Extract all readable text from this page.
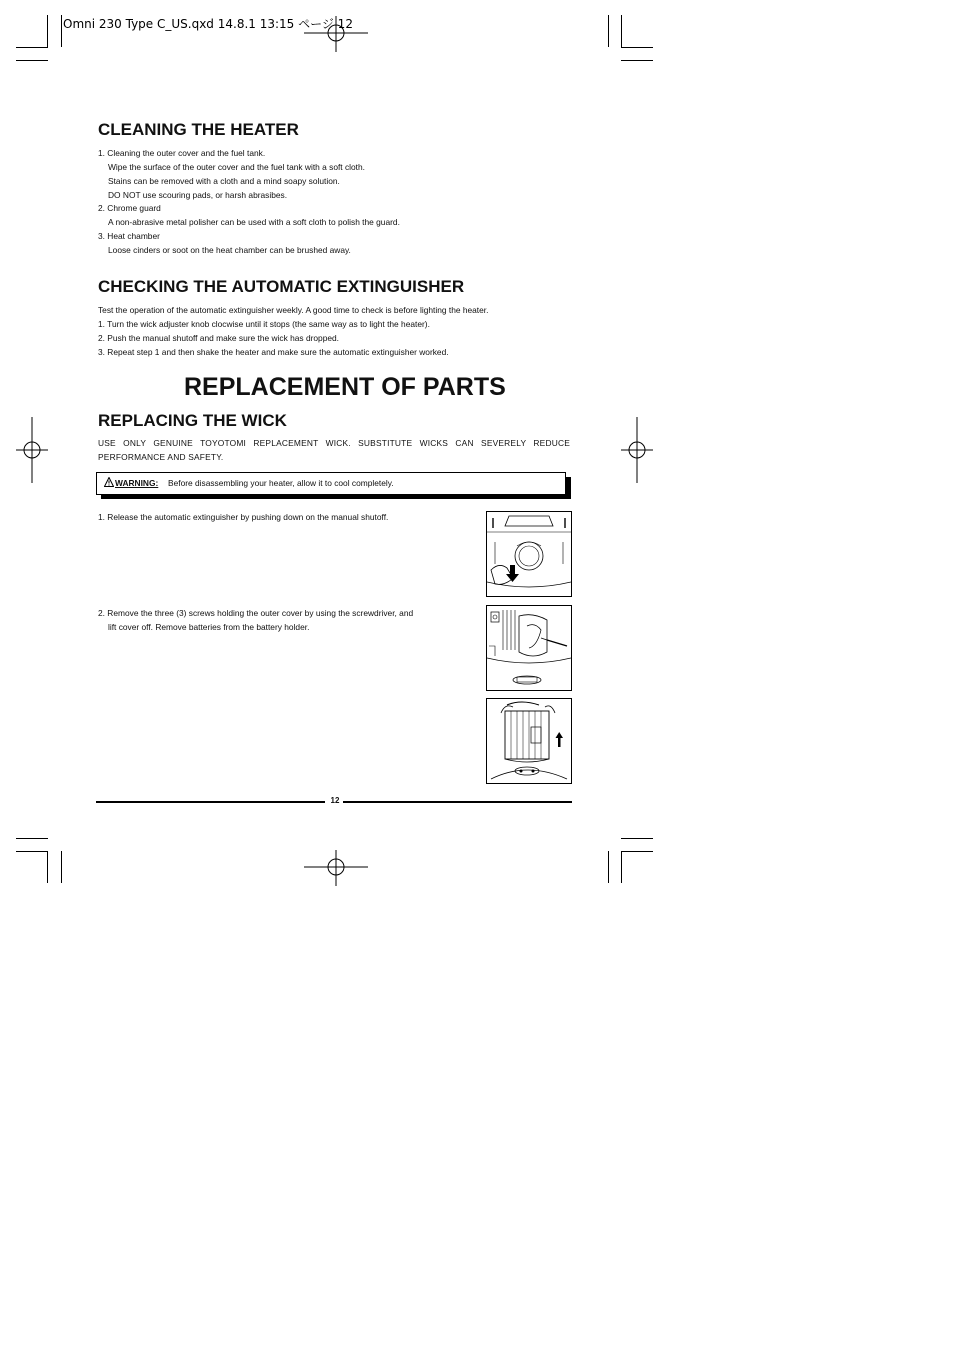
Omni 230 Type C_US.qxd 14.8.1 13:15 ページ 12
CLEANING THE HEATER
1. Cleaning the outer cover and the fuel tank.
Wipe the surface of the outer cover and the fuel tank with a soft cloth.
Stains can be removed with a cloth and a mind soapy solution.
DO NOT use scouring pads, or harsh abrasibes.
2. Chrome guard
A non-abrasive metal polisher can be used with a soft cloth to polish the guard.
3. Heat chamber
Loose cinders or soot on the heat chamber can be brushed away.
CHECKING THE AUTOMATIC EXTINGUISHER
Test the operation of the automatic extinguisher weekly. A good time to check is before lighting the heater.
1. Turn the wick adjuster knob clocwise until it stops (the same way as to light the heater).
2. Push the manual shutoff and make sure the wick has dropped.
3. Repeat step 1 and then shake the heater and make sure the automatic extinguisher worked.
REPLACEMENT OF PARTS
REPLACING THE WICK
USE ONLY GENUINE TOYOTOMI REPLACEMENT WICK. SUBSTITUTE WICKS CAN SEVERELY REDUCE PERFORMANCE AND SAFETY.
WARNING: Before disassembling your heater, allow it to cool completely.
1. Release the automatic extinguisher by pushing down on the manual shutoff.
2. Remove the three (3) screws holding the outer cover by using the screwdriver, and
lift cover off. Remove batteries from the battery holder.
12
